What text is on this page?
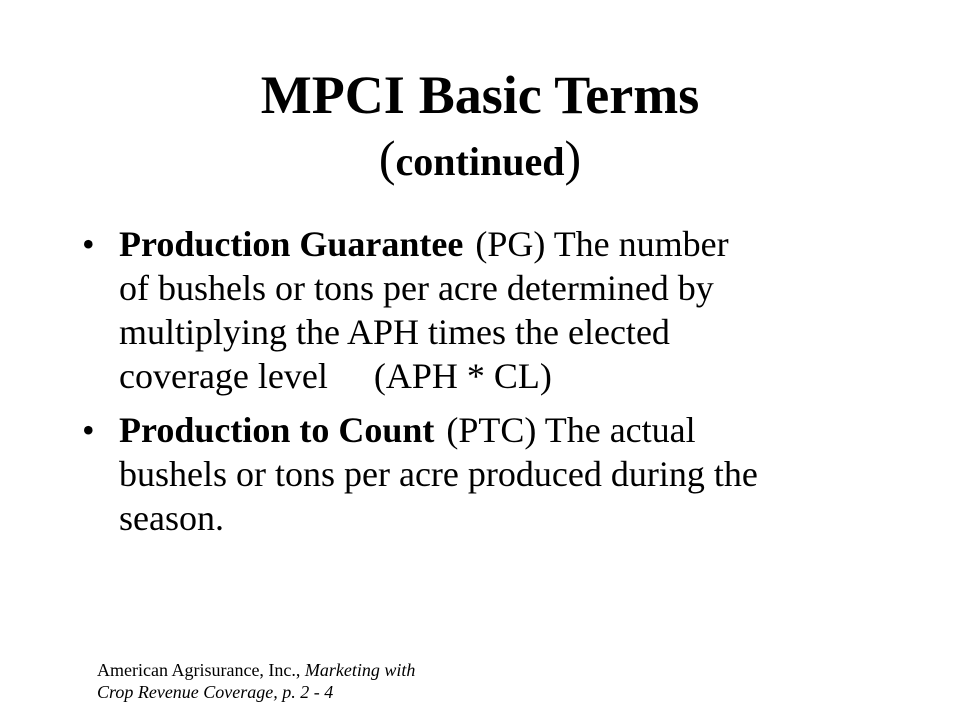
MPCI Basic Terms
(continued)
• Production Guarantee (PG) The number
of bushels or tons per acre determined by
multiplying the APH times the elected
coverage level (APH * CL)
• Production to Count (PTC) The actual
bushels or tons per acre produced during the
season.
American Agrisurance, Inc., Marketing with
Crop Revenue Coverage, p. 2 - 4
